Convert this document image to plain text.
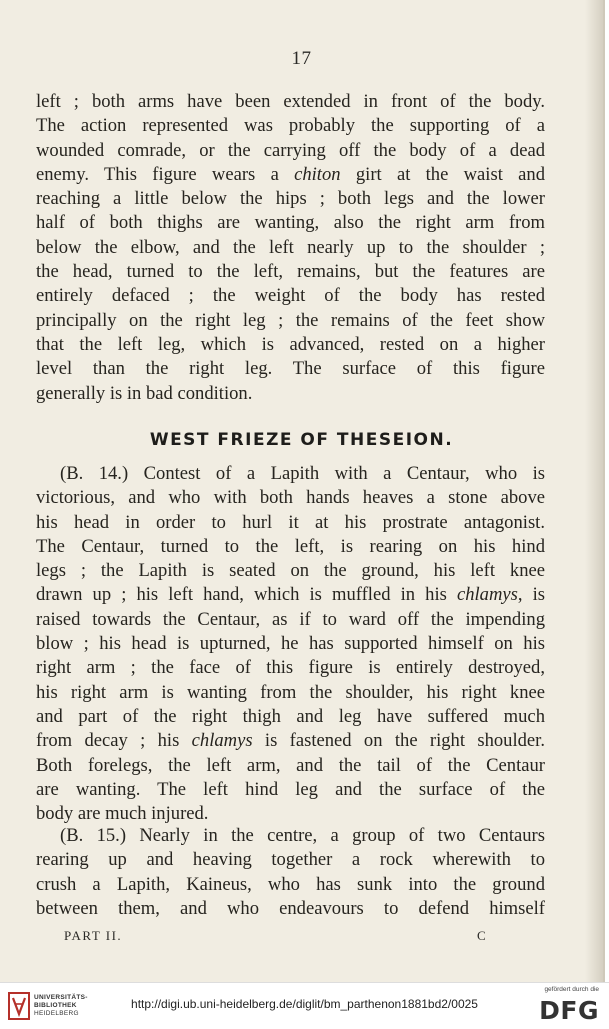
17
left ; both arms have been extended in front of the body.
The action represented was probably the supporting of a
wounded comrade, or the carrying off the body of a dead
enemy. This figure wears a chiton girt at the waist and
reaching a little below the hips ; both legs and the lower
half of both thighs are wanting, also the right arm from
below the elbow, and the left nearly up to the shoulder ;
the head, turned to the left, remains, but the features are
entirely defaced ; the weight of the body has rested
principally on the right leg ; the remains of the feet show
that the left leg, which is advanced, rested on a higher
level than the right leg. The surface of this figure
generally is in bad condition.
WEST FRIEZE OF THESEION.
(B. 14.) Contest of a Lapith with a Centaur, who is
victorious, and who with both hands heaves a stone above
his head in order to hurl it at his prostrate antagonist.
The Centaur, turned to the left, is rearing on his hind
legs ; the Lapith is seated on the ground, his left knee
drawn up ; his left hand, which is muffled in his chlamys, is
raised towards the Centaur, as if to ward off the impending
blow ; his head is upturned, he has supported himself on his
right arm ; the face of this figure is entirely destroyed,
his right arm is wanting from the shoulder, his right knee
and part of the right thigh and leg have suffered much
from decay ; his chlamys is fastened on the right shoulder.
Both forelegs, the left arm, and the tail of the Centaur
are wanting. The left hind leg and the surface of the
body are much injured.
(B. 15.) Nearly in the centre, a group of two Centaurs
rearing up and heaving together a rock wherewith to
crush a Lapith, Kaineus, who has sunk into the ground
between them, and who endeavours to defend himself
PART II.	C
UNIVERSITÄTS-
BIBLIOTHEK
HEIDELBERG
http://digi.ub.uni-heidelberg.de/diglit/bm_parthenon1881bd2/0025
gefördert durch die
DFG
